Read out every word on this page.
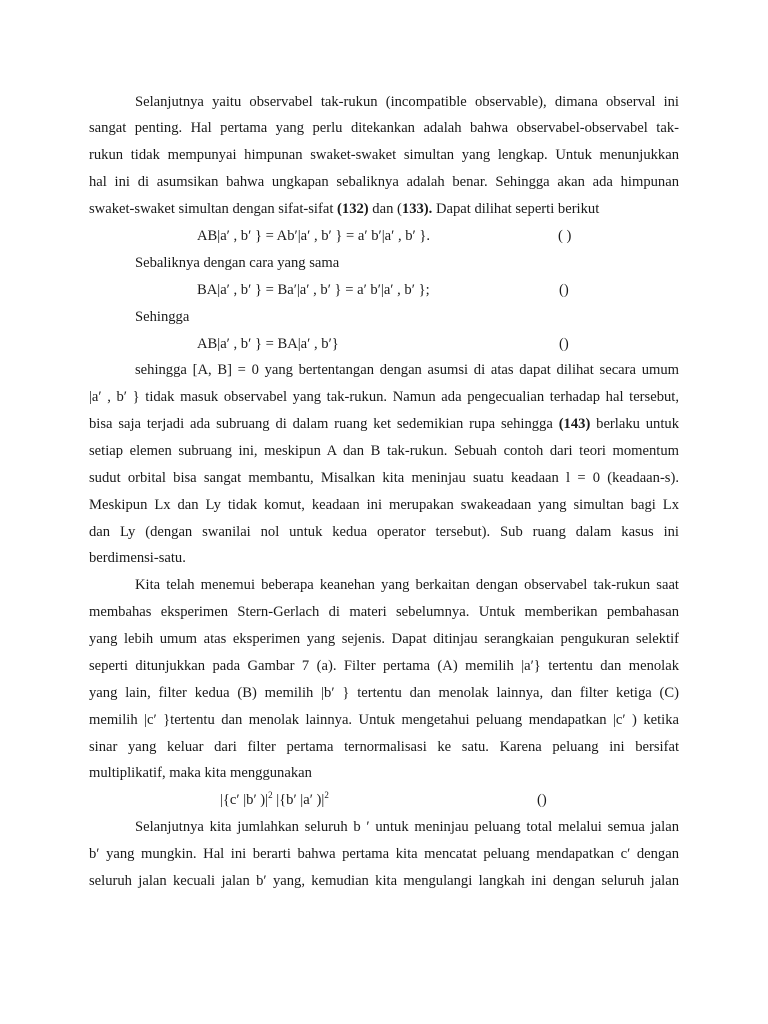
Selanjutnya yaitu observabel tak-rukun (incompatible observable), dimana observal ini
sangat penting. Hal pertama yang perlu ditekankan adalah bahwa observabel-observabel tak-
rukun tidak mempunyai himpunan swaket-swaket simultan yang lengkap. Untuk menunjukkan
hal ini di asumsikan bahwa ungkapan sebaliknya adalah benar. Sehingga akan ada himpunan
swaket-swaket simultan dengan sifat-sifat (132) dan (133). Dapat dilihat seperti berikut
AB|a′ , b′ } = Ab′|a′ , b′ } = a′ b′|a′ , b′ }.	( )
Sebaliknya dengan cara yang sama
BA|a′ , b′ } = Ba′|a′ , b′ } = a′ b′|a′ , b′ };	()
Sehingga
AB|a′ , b′ } = BA|a′ , b′}	()
sehingga [A, B] = 0 yang bertentangan dengan asumsi di atas dapat dilihat secara umum
|a′ , b′ } tidak masuk observabel yang tak-rukun. Namun ada pengecualian terhadap hal tersebut,
bisa saja terjadi ada subruang di dalam ruang ket sedemikian rupa sehingga (143) berlaku untuk
setiap elemen subruang ini, meskipun A dan B tak-rukun. Sebuah contoh dari teori momentum
sudut orbital bisa sangat membantu, Misalkan kita meninjau suatu keadaan l = 0 (keadaan-s).
Meskipun Lx dan Ly tidak komut, keadaan ini merupakan swakeadaan yang simultan bagi Lx
dan Ly (dengan swanilai nol untuk kedua operator tersebut). Sub ruang dalam kasus ini
berdimensi-satu.
Kita telah menemui beberapa keanehan yang berkaitan dengan observabel tak-rukun saat
membahas eksperimen Stern-Gerlach di materi sebelumnya. Untuk memberikan pembahasan
yang lebih umum atas eksperimen yang sejenis. Dapat ditinjau serangkaian pengukuran selektif
seperti ditunjukkan pada Gambar 7 (a). Filter pertama (A) memilih |a′} tertentu dan menolak
yang lain, filter kedua (B) memilih |b′ } tertentu dan menolak lainnya, dan filter ketiga (C)
memilih |c′ }tertentu dan menolak lainnya. Untuk mengetahui peluang mendapatkan |c′ ) ketika
sinar yang keluar dari filter pertama ternormalisasi ke satu. Karena peluang ini bersifat
multiplikatif, maka kita menggunakan
|{c′ |b′ )$|^2$ |{b′ |a′ )$|^2$	()
Selanjutnya kita jumlahkan seluruh b ′ untuk meninjau peluang total melalui semua jalan
b′ yang mungkin. Hal ini berarti bahwa pertama kita mencatat peluang mendapatkan c′ dengan
seluruh jalan kecuali jalan b′ yang, kemudian kita mengulangi langkah ini dengan seluruh jalan
